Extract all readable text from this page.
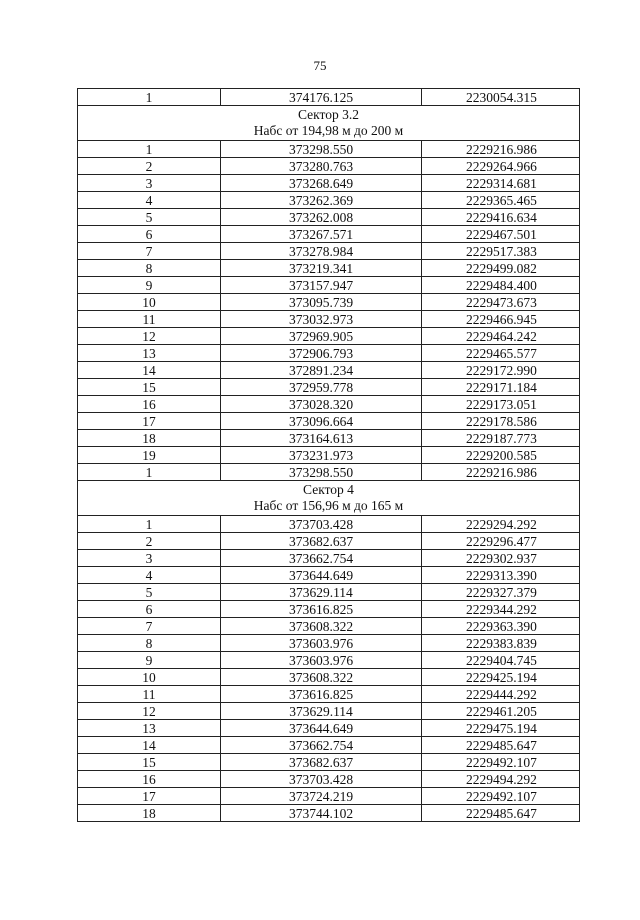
75
1	374176.125	2230054.315

Сектор 3.2
Набс от 194,98 м до 200 м		

1	373298.550	2229216.986
2	373280.763	2229264.966
3	373268.649	2229314.681
4	373262.369	2229365.465
5	373262.008	2229416.634
6	373267.571	2229467.501
7	373278.984	2229517.383
8	373219.341	2229499.082
9	373157.947	2229484.400
10	373095.739	2229473.673
11	373032.973	2229466.945
12	372969.905	2229464.242
13	372906.793	2229465.577
14	372891.234	2229172.990
15	372959.778	2229171.184
16	373028.320	2229173.051
17	373096.664	2229178.586
18	373164.613	2229187.773
19	373231.973	2229200.585
1	373298.550	2229216.986

Сектор 4
Набс от 156,96 м до 165 м		

1	373703.428	2229294.292
2	373682.637	2229296.477
3	373662.754	2229302.937
4	373644.649	2229313.390
5	373629.114	2229327.379
6	373616.825	2229344.292
7	373608.322	2229363.390
8	373603.976	2229383.839
9	373603.976	2229404.745
10	373608.322	2229425.194
11	373616.825	2229444.292
12	373629.114	2229461.205
13	373644.649	2229475.194
14	373662.754	2229485.647
15	373682.637	2229492.107
16	373703.428	2229494.292
17	373724.219	2229492.107
18	373744.102	2229485.647
